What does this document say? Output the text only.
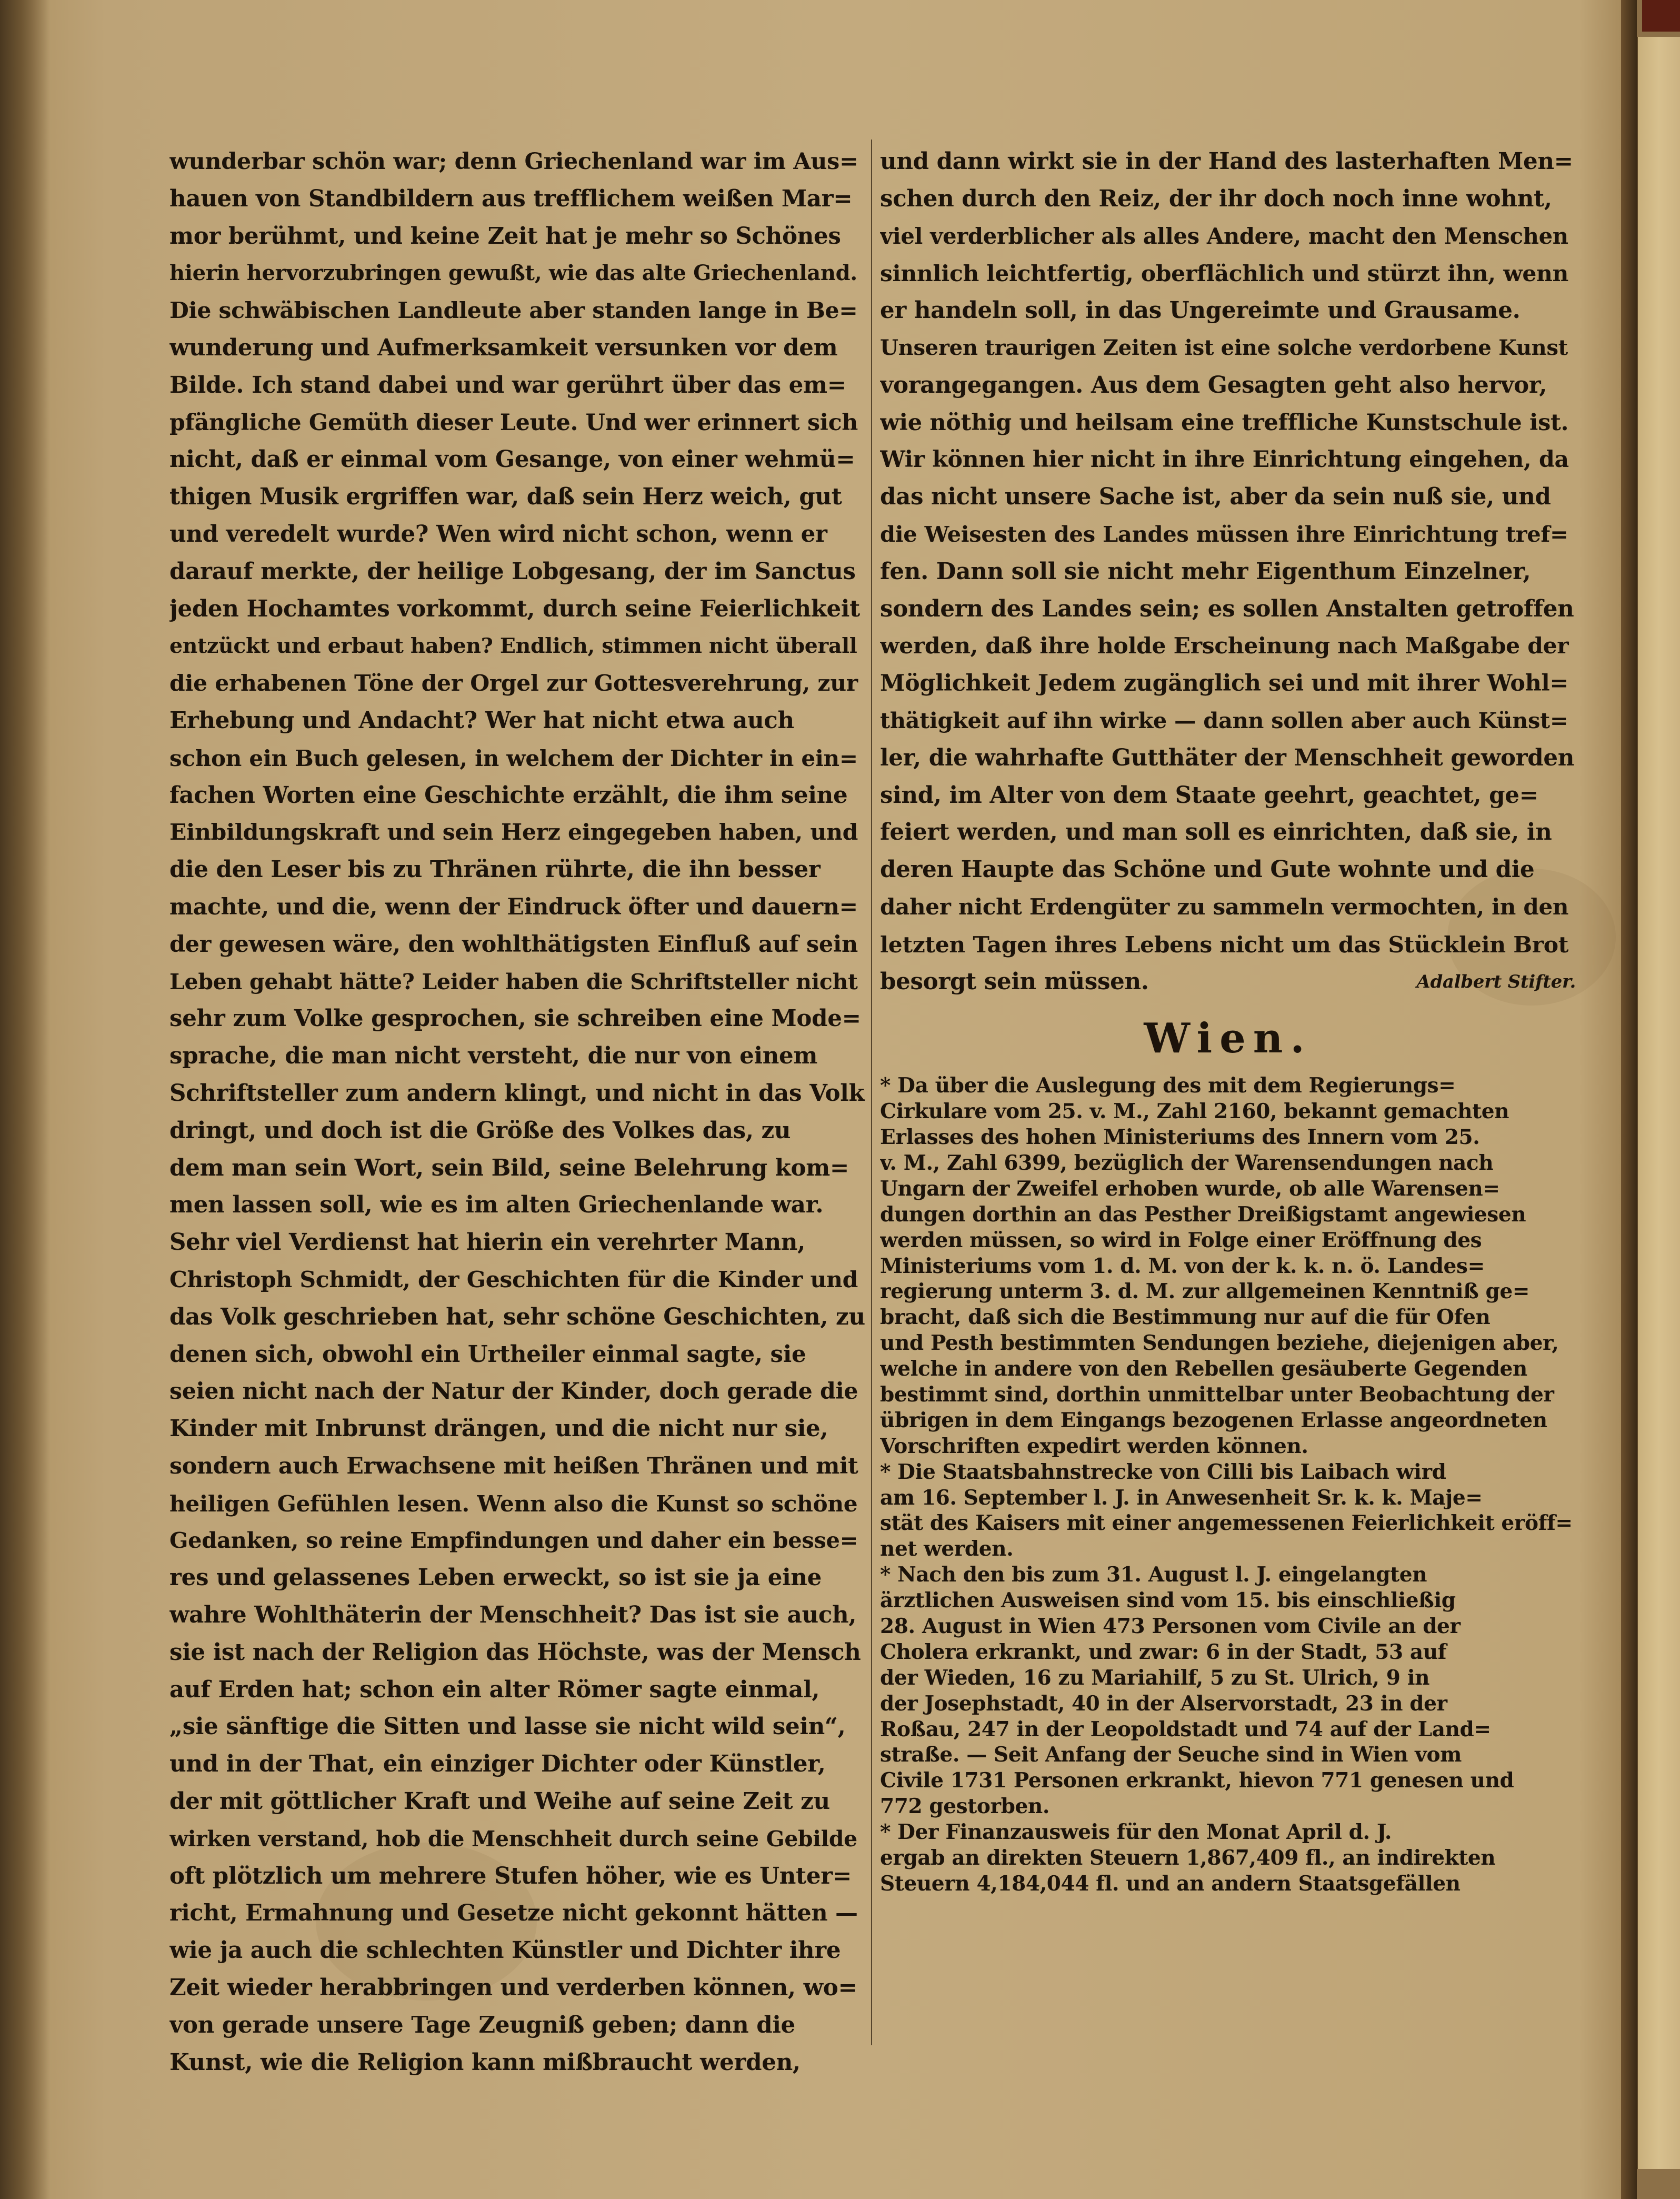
wunderbar schön war; denn Griechenland war im Aus=
hauen von Standbildern aus trefflichem weißen Mar=
mor berühmt, und keine Zeit hat je mehr so Schönes
hierin hervorzubringen gewußt, wie das alte Griechenland.
Die schwäbischen Landleute aber standen lange in Be=
wunderung und Aufmerksamkeit versunken vor dem
Bilde. Ich stand dabei und war gerührt über das em=
pfängliche Gemüth dieser Leute. Und wer erinnert sich
nicht, daß er einmal vom Gesange, von einer wehmü=
thigen Musik ergriffen war, daß sein Herz weich, gut
und veredelt wurde? Wen wird nicht schon, wenn er
darauf merkte, der heilige Lobgesang, der im Sanctus
jeden Hochamtes vorkommt, durch seine Feierlichkeit
entzückt und erbaut haben? Endlich, stimmen nicht überall
die erhabenen Töne der Orgel zur Gottesverehrung, zur
Erhebung und Andacht? Wer hat nicht etwa auch
schon ein Buch gelesen, in welchem der Dichter in ein=
fachen Worten eine Geschichte erzählt, die ihm seine
Einbildungskraft und sein Herz eingegeben haben, und
die den Leser bis zu Thränen rührte, die ihn besser
machte, und die, wenn der Eindruck öfter und dauern=
der gewesen wäre, den wohlthätigsten Einfluß auf sein
Leben gehabt hätte? Leider haben die Schriftsteller nicht
sehr zum Volke gesprochen, sie schreiben eine Mode=
sprache, die man nicht versteht, die nur von einem
Schriftsteller zum andern klingt, und nicht in das Volk
dringt, und doch ist die Größe des Volkes das, zu
dem man sein Wort, sein Bild, seine Belehrung kom=
men lassen soll, wie es im alten Griechenlande war.
Sehr viel Verdienst hat hierin ein verehrter Mann,
Christoph Schmidt, der Geschichten für die Kinder und
das Volk geschrieben hat, sehr schöne Geschichten, zu
denen sich, obwohl ein Urtheiler einmal sagte, sie
seien nicht nach der Natur der Kinder, doch gerade die
Kinder mit Inbrunst drängen, und die nicht nur sie,
sondern auch Erwachsene mit heißen Thränen und mit
heiligen Gefühlen lesen. Wenn also die Kunst so schöne
Gedanken, so reine Empfindungen und daher ein besse=
res und gelassenes Leben erweckt, so ist sie ja eine
wahre Wohlthäterin der Menschheit? Das ist sie auch,
sie ist nach der Religion das Höchste, was der Mensch
auf Erden hat; schon ein alter Römer sagte einmal,
„sie sänftige die Sitten und lasse sie nicht wild sein“,
und in der That, ein einziger Dichter oder Künstler,
der mit göttlicher Kraft und Weihe auf seine Zeit zu
wirken verstand, hob die Menschheit durch seine Gebilde
oft plötzlich um mehrere Stufen höher, wie es Unter=
richt, Ermahnung und Gesetze nicht gekonnt hätten —
wie ja auch die schlechten Künstler und Dichter ihre
Zeit wieder herabbringen und verderben können, wo=
von gerade unsere Tage Zeugniß geben; dann die
Kunst, wie die Religion kann mißbraucht werden,
und dann wirkt sie in der Hand des lasterhaften Men=
schen durch den Reiz, der ihr doch noch inne wohnt,
viel verderblicher als alles Andere, macht den Menschen
sinnlich leichtfertig, oberflächlich und stürzt ihn, wenn
er handeln soll, in das Ungereimte und Grausame.
Unseren traurigen Zeiten ist eine solche verdorbene Kunst
vorangegangen. Aus dem Gesagten geht also hervor,
wie nöthig und heilsam eine treffliche Kunstschule ist.
Wir können hier nicht in ihre Einrichtung eingehen, da
das nicht unsere Sache ist, aber da sein nuß sie, und
die Weisesten des Landes müssen ihre Einrichtung tref=
fen. Dann soll sie nicht mehr Eigenthum Einzelner,
sondern des Landes sein; es sollen Anstalten getroffen
werden, daß ihre holde Erscheinung nach Maßgabe der
Möglichkeit Jedem zugänglich sei und mit ihrer Wohl=
thätigkeit auf ihn wirke — dann sollen aber auch Künst=
ler, die wahrhafte Gutthäter der Menschheit geworden
sind, im Alter von dem Staate geehrt, geachtet, ge=
feiert werden, und man soll es einrichten, daß sie, in
deren Haupte das Schöne und Gute wohnte und die
daher nicht Erdengüter zu sammeln vermochten, in den
letzten Tagen ihres Lebens nicht um das Stücklein Brot
besorgt sein müssen.	Adalbert Stifter.
Wien.
* Da über die Auslegung des mit dem Regierungs=
Cirkulare vom 25. v. M., Zahl 2160, bekannt gemachten
Erlasses des hohen Ministeriums des Innern vom 25.
v. M., Zahl 6399, bezüglich der Warensendungen nach
Ungarn der Zweifel erhoben wurde, ob alle Warensen=
dungen dorthin an das Pesther Dreißigstamt angewiesen
werden müssen, so wird in Folge einer Eröffnung des
Ministeriums vom 1. d. M. von der k. k. n. ö. Landes=
regierung unterm 3. d. M. zur allgemeinen Kenntniß ge=
bracht, daß sich die Bestimmung nur auf die für Ofen
und Pesth bestimmten Sendungen beziehe, diejenigen aber,
welche in andere von den Rebellen gesäuberte Gegenden
bestimmt sind, dorthin unmittelbar unter Beobachtung der
übrigen in dem Eingangs bezogenen Erlasse angeordneten
Vorschriften expedirt werden können.
* Die Staatsbahnstrecke von Cilli bis Laibach wird
am 16. September l. J. in Anwesenheit Sr. k. k. Maje=
stät des Kaisers mit einer angemessenen Feierlichkeit eröff=
net werden.
* Nach den bis zum 31. August l. J. eingelangten
ärztlichen Ausweisen sind vom 15. bis einschließig
28. August in Wien 473 Personen vom Civile an der
Cholera erkrankt, und zwar: 6 in der Stadt, 53 auf
der Wieden, 16 zu Mariahilf, 5 zu St. Ulrich, 9 in
der Josephstadt, 40 in der Alservorstadt, 23 in der
Roßau, 247 in der Leopoldstadt und 74 auf der Land=
straße. — Seit Anfang der Seuche sind in Wien vom
Civile 1731 Personen erkrankt, hievon 771 genesen und
772 gestorben.
* Der Finanzausweis für den Monat April d. J.
ergab an direkten Steuern 1,867,409 fl., an indirekten
Steuern 4,184,044 fl. und an andern Staatsgefällen
